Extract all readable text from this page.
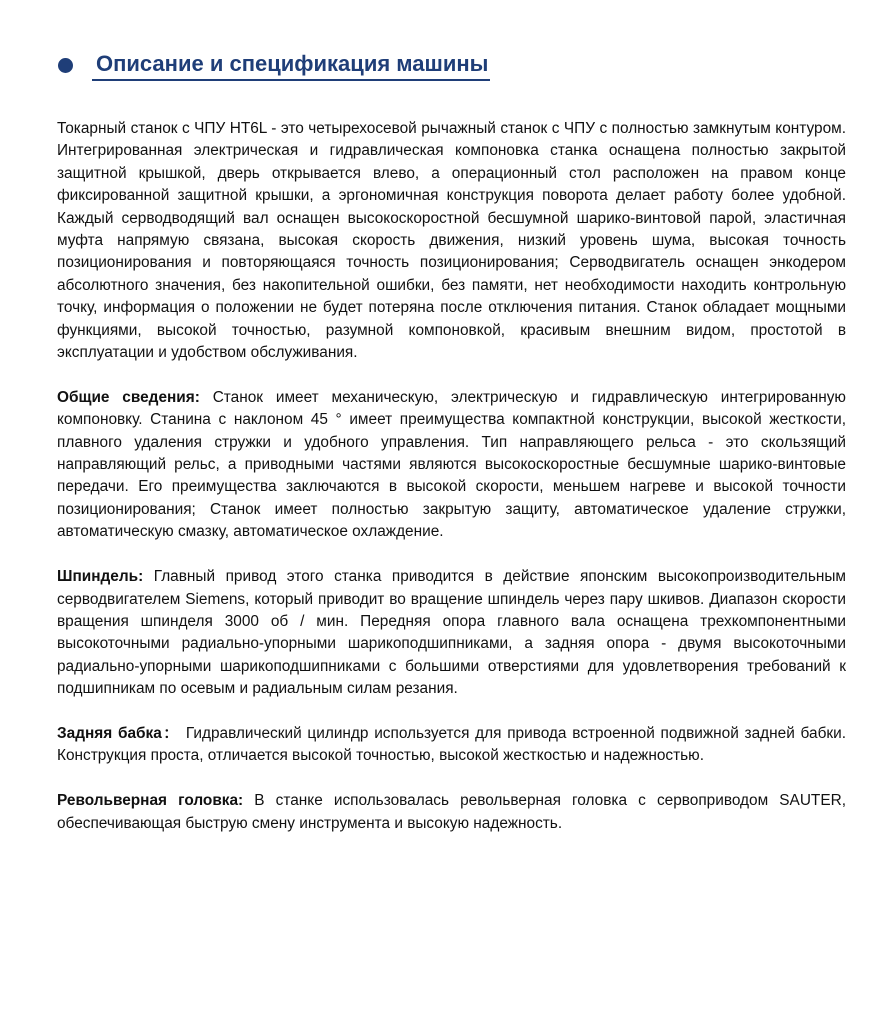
Описание и спецификация машины

Токарный станок с ЧПУ HT6L - это четырехосевой рычажный станок с ЧПУ с полностью замкнутым контуром. Интегрированная электрическая и гидравлическая компоновка станка оснащена полностью закрытой защитной крышкой, дверь открывается влево, а операционный стол расположен на правом конце фиксированной защитной крышки, а эргономичная конструкция поворота делает работу более удобной. Каждый серводводящий вал оснащен высокоскоростной бесшумной шарико-винтовой парой, эластичная муфта напрямую связана, высокая скорость движения, низкий уровень шума, высокая точность позиционирования и повторяющаяся точность позиционирования; Серводвигатель оснащен энкодером абсолютного значения, без накопительной ошибки, без памяти, нет необходимости находить контрольную точку, информация о положении не будет потеряна после отключения питания. Станок обладает мощными функциями, высокой точностью, разумной компоновкой, красивым внешним видом, простотой в эксплуатации и удобством обслуживания.

Общие сведения: Станок имеет механическую, электрическую и гидравлическую интегрированную компоновку. Станина с наклоном 45 ° имеет преимущества компактной конструкции, высокой жесткости, плавного удаления стружки и удобного управления. Тип направляющего рельса - это скользящий направляющий рельс, а приводными частями являются высокоскоростные бесшумные шарико-винтовые передачи. Его преимущества заключаются в высокой скорости, меньшем нагреве и высокой точности позиционирования; Станок имеет полностью закрытую защиту, автоматическое удаление стружки, автоматическую смазку, автоматическое охлаждение.

Шпиндель: Главный привод этого станка приводится в действие японским высокопроизводительным серводвигателем Siemens, который приводит во вращение шпиндель через пару шкивов. Диапазон скорости вращения шпинделя 3000 об / мин. Передняя опора главного вала оснащена трехкомпонентными высокоточными радиально-упорными шарикоподшипниками, а задняя опора - двумя высокоточными радиально-упорными шарикоподшипниками с большими отверстиями для удовлетворения требований к подшипникам по осевым и радиальным силам резания.

Задняя бабка： Гидравлический цилиндр используется для привода встроенной подвижной задней бабки. Конструкция проста, отличается высокой точностью, высокой жесткостью и надежностью.

Револьверная головка: В станке использовалась револьверная головка с сервоприводом SAUTER, обеспечивающая быструю смену инструмента и высокую надежность.
